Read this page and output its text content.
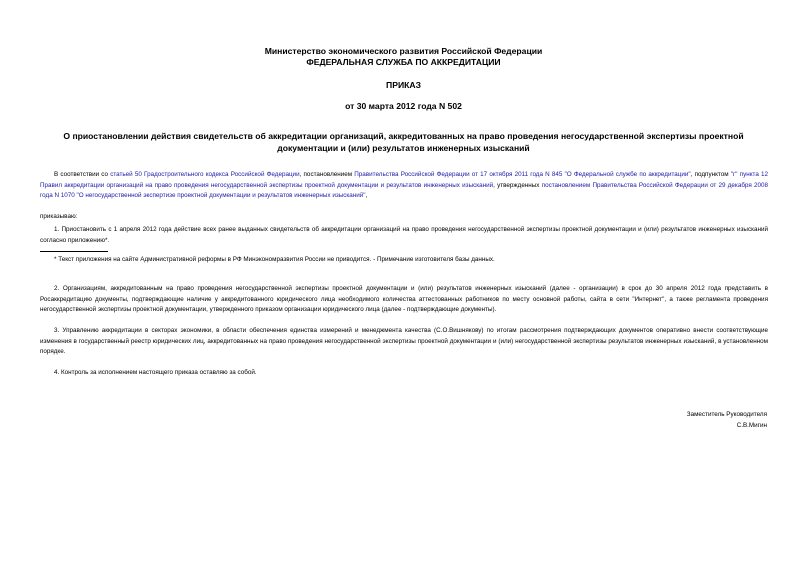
Министерство экономического развития Российской Федерации
ФЕДЕРАЛЬНАЯ СЛУЖБА ПО АККРЕДИТАЦИИ
ПРИКАЗ
от 30 марта 2012 года N 502
О приостановлении действия свидетельств об аккредитации организаций, аккредитованных на право проведения негосударственной экспертизы проектной
документации и (или) результатов инженерных изысканий
В соответствии со статьей 50 Градостроительного кодекса Российской Федерации, постановлением Правительства Российской Федерации от 17 октября 2011 года N 845 "О Федеральной службе по аккредитации", подпунктом "г" пункта 12 Правил аккредитации организаций на право проведения негосударственной экспертизы проектной документации и результатов инженерных изысканий, утвержденных постановлением Правительства Российской Федерации от 29 декабря 2008 года N 1070 "О негосударственной экспертизе проектной документации и результатов инженерных изысканий",
приказываю:
1. Приостановить с 1 апреля 2012 года действие всех ранее выданных свидетельств об аккредитации организаций на право проведения негосударственной экспертизы проектной документации и (или) результатов инженерных изысканий согласно приложению*.
* Текст приложения на сайте Административной реформы в РФ Минэкономразвития России не приводится. - Примечание изготовителя базы данных.
2. Организациям, аккредитованным на право проведения негосударственной экспертизы проектной документации и (или) результатов инженерных изысканий (далее - организации) в срок до 30 апреля 2012 года представить в Росаккредитацию документы, подтверждающие наличие у аккредитованного юридического лица необходимого количества аттестованных работников по месту основной работы, сайта в сети "Интернет", а также регламента проведения негосударственной экспертизы проектной документации, утвержденного приказом организации юридического лица (далее - подтверждающие документы).
3. Управлению аккредитации в секторах экономики, в области обеспечения единства измерений и менеджмента качества (С.О.Вишнякову) по итогам рассмотрения подтверждающих документов оперативно внести соответствующие изменения в государственный реестр юридических лиц, аккредитованных на право проведения негосударственной экспертизы проектной документации и (или) негосударственной экспертизы результатов инженерных изысканий, в установленном порядке.
4. Контроль за исполнением настоящего приказа оставляю за собой.
Заместитель Руководителя
С.В.Мигин
